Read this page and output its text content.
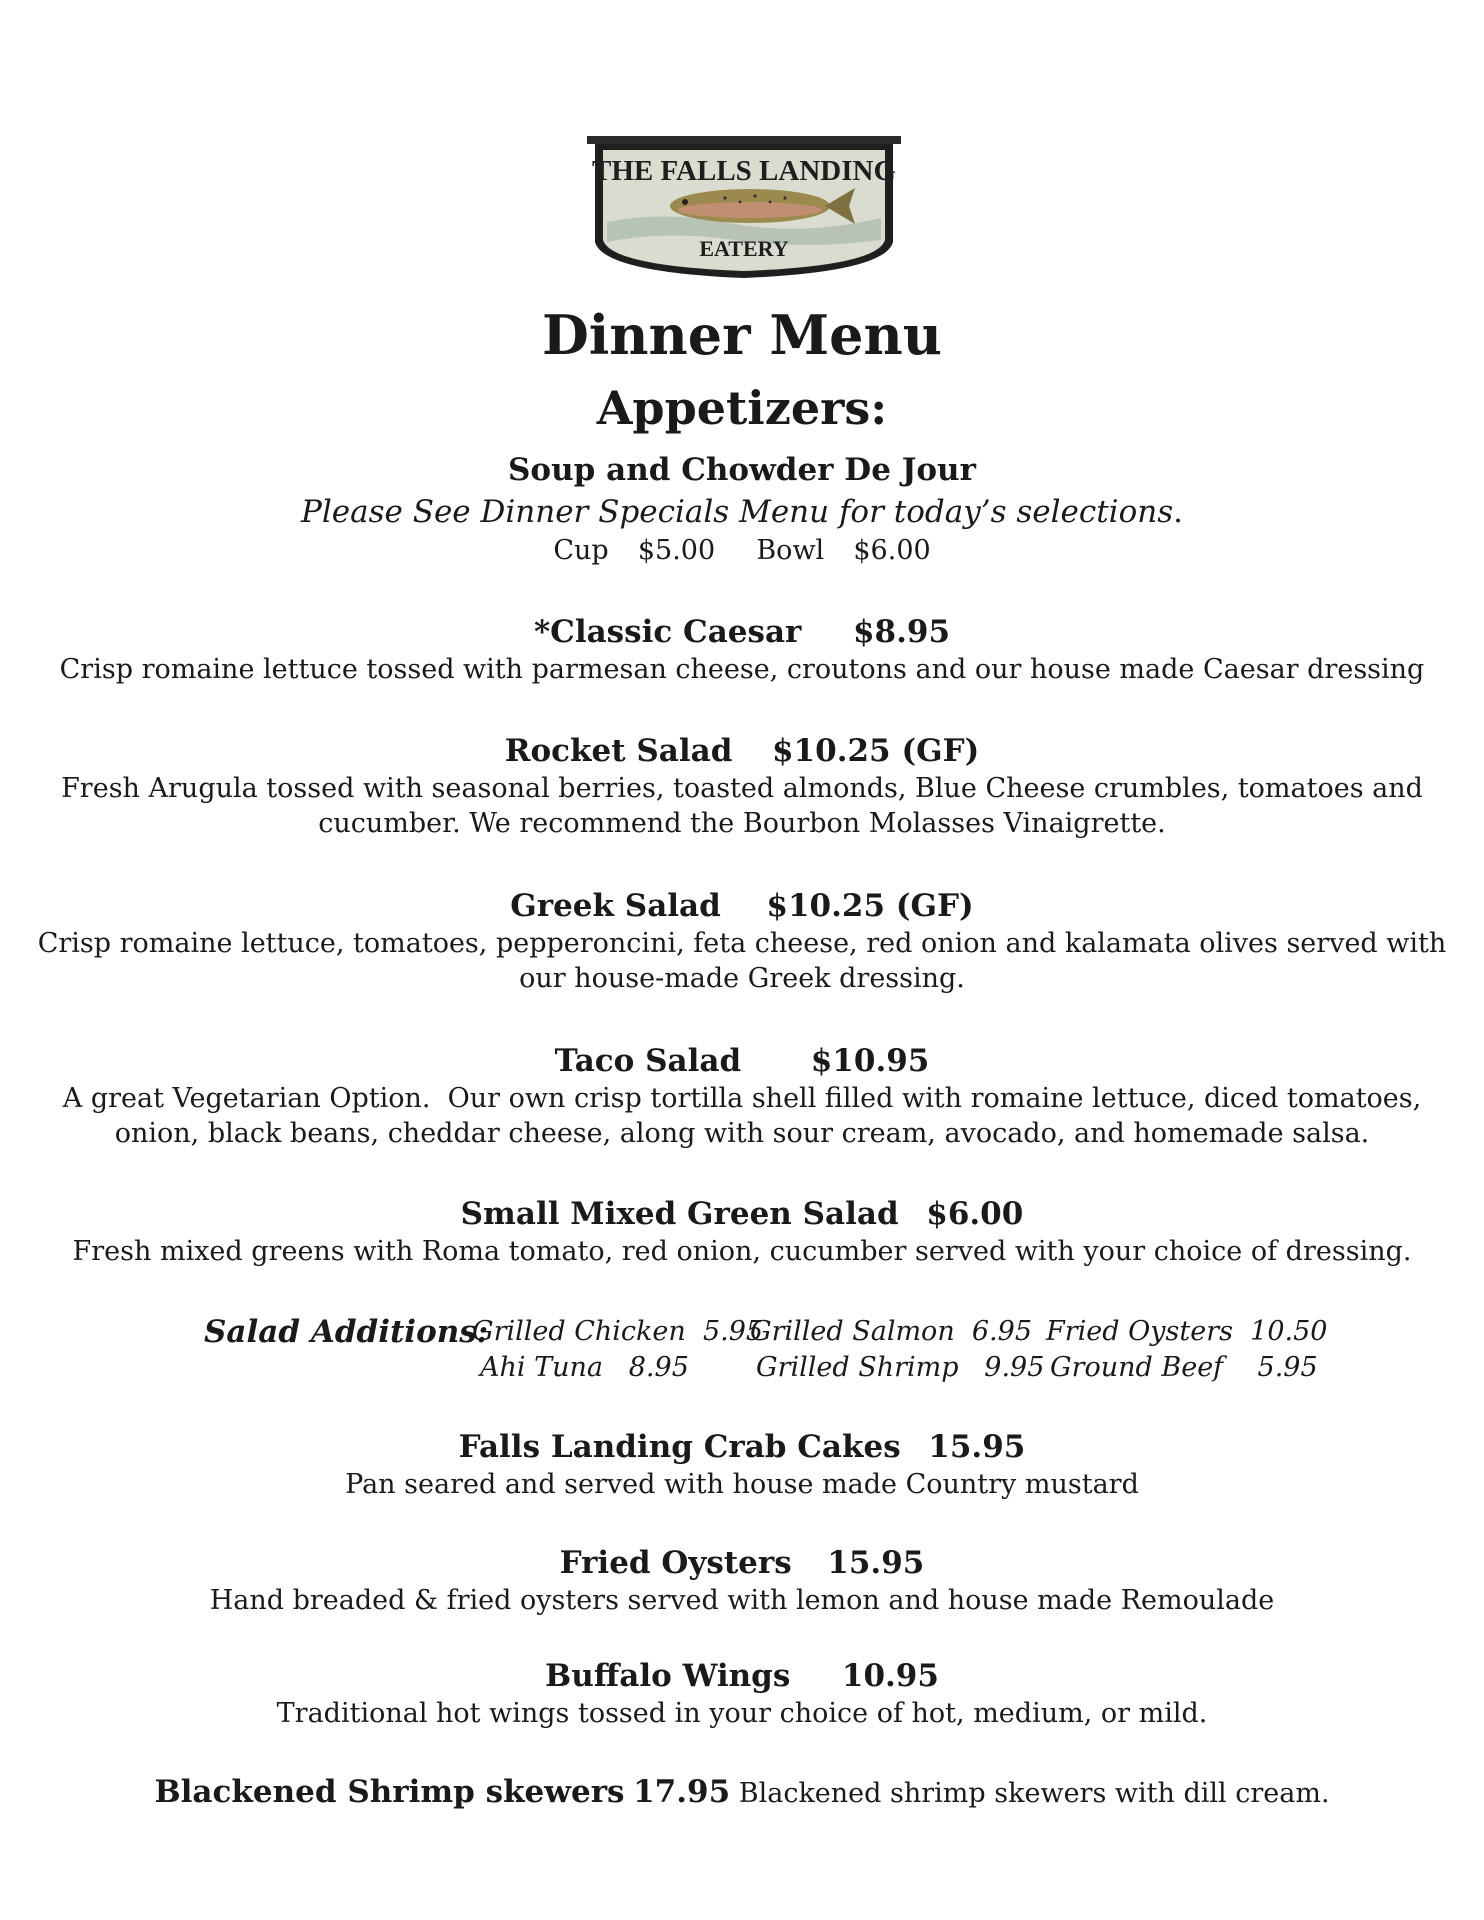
THE FALLS LANDING
EATERY
Dinner Menu
Appetizers:
Soup and Chowder De Jour
Please See Dinner Specials Menu for today’s selections.
Cup $5.00 Bowl $6.00
*Classic Caesar $8.95
Crisp romaine lettuce tossed with parmesan cheese, croutons and our house made Caesar dressing
Rocket Salad $10.25 (GF)
Fresh Arugula tossed with seasonal berries, toasted almonds, Blue Cheese crumbles, tomatoes and
cucumber. We recommend the Bourbon Molasses Vinaigrette.
Greek Salad $10.25 (GF)
Crisp romaine lettuce, tomatoes, pepperoncini, feta cheese, red onion and kalamata olives served with
our house-made Greek dressing.
Taco Salad $10.95
A great Vegetarian Option.  Our own crisp tortilla shell filled with romaine lettuce, diced tomatoes,
onion, black beans, cheddar cheese, along with sour cream, avocado, and homemade salsa.
Small Mixed Green Salad $6.00
Fresh mixed greens with Roma tomato, red onion, cucumber served with your choice of dressing.
Salad Additions:
Grilled Chicken 5.95
Grilled Salmon 6.95 Fried Oysters 10.50
Ahi Tuna 8.95 Grilled Shrimp 9.95 Ground Beef 5.95
Falls Landing Crab Cakes 15.95
Pan seared and served with house made Country mustard
Fried Oysters 15.95
Hand breaded & fried oysters served with lemon and house made Remoulade
Buffalo Wings 10.95
Traditional hot wings tossed in your choice of hot, medium, or mild.
Blackened Shrimp skewers 17.95 Blackened shrimp skewers with dill cream.
